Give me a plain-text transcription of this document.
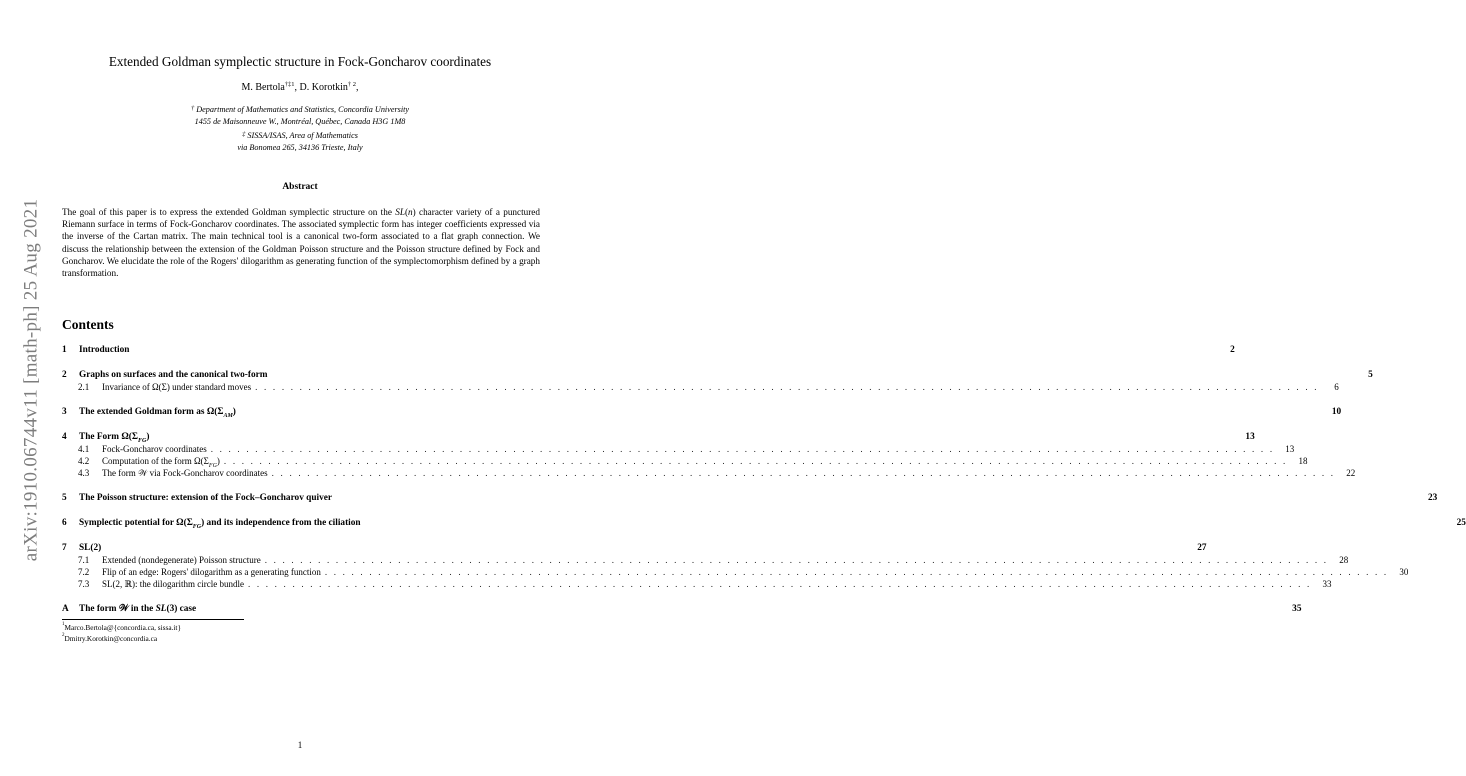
arXiv:1910.06744v11 [math-ph] 25 Aug 2021
Extended Goldman symplectic structure in Fock-Goncharov coordinates
M. Bertola$^{\dagger\ddagger 1}$, D. Korotkin$^{\dagger 2}$,
† Department of Mathematics and Statistics, Concordia University
1455 de Maisonneuve W., Montréal, Québec, Canada H3G 1M8
‡ SISSA/ISAS, Area of Mathematics
via Bonomea 265, 34136 Trieste, Italy
Abstract

The goal of this paper is to express the extended Goldman symplectic structure on the SL(n) character variety of a punctured Riemann surface in terms of Fock-Goncharov coordinates. The associated symplectic form has integer coefficients expressed via the inverse of the Cartan matrix. The main technical tool is a canonical two-form associated to a flat graph connection. We discuss the relationship between the extension of the Goldman Poisson structure and the Poisson structure defined by Fock and Goncharov. We elucidate the role of the Rogers' dilogarithm as generating function of the symplectomorphism defined by a graph transformation.

Contents
1	Introduction	2
2	Graphs on surfaces and the canonical two-form	5
2.1	Invariance of Ω(Σ) under standard moves . . . . . . . . . . . . . . . . . . . . . . . . . . . . . . . . . . . . . . . . . . . . . . . . . . . . . . . . . . . . . . . . . . . . . . . . . . . . . . . . . . . . . . . . . . . . . . . . . . . . . . . . . . . . . . . . . . . . . . . .	6
3	The extended Goldman form as $\Omega(\Sigma_{AM})$	10
4	The Form $\Omega(\Sigma_{FG})$	13
4.1	Fock-Goncharov coordinates . . . . . . . . . . . . . . . . . . . . . . . . . . . . . . . . . . . . . . . . . . . . . . . . . . . . . . . . . . . . . . . . . . . . . . . . . . . . . . . . . . . . . . . . . . . . . . . . . . . . . . . . . . . . . . . . . . . . . . . .	13
4.2	Computation of the form $\Omega(\Sigma_{FG})$ . . . . . . . . . . . . . . . . . . . . . . . . . . . . . . . . . . . . . . . . . . . . . . . . . . . . . . . . . . . . . . . . . . . . . . . . . . . . . . . . . . . . . . . . . . . . . . . . . . . . . . . . . . . . . . . . . . . . . . . .	18
4.3	The form 𝒲 via Fock-Goncharov coordinates . . . . . . . . . . . . . . . . . . . . . . . . . . . . . . . . . . . . . . . . . . . . . . . . . . . . . . . . . . . . . . . . . . . . . . . . . . . . . . . . . . . . . . . . . . . . . . . . . . . . . . . . . . . . . . . . . . . . . . . .	22
5	The Poisson structure: extension of the Fock–Goncharov quiver	23
6	Symplectic potential for $\Omega(\Sigma_{FG})$ and its independence from the ciliation	25
7	SL(2)	27
7.1	Extended (nondegenerate) Poisson structure . . . . . . . . . . . . . . . . . . . . . . . . . . . . . . . . . . . . . . . . . . . . . . . . . . . . . . . . . . . . . . . . . . . . . . . . . . . . . . . . . . . . . . . . . . . . . . . . . . . . . . . . . . . . . . . . . . . . . . . .	28
7.2	Flip of an edge: Rogers' dilogarithm as a generating function . . . . . . . . . . . . . . . . . . . . . . . . . . . . . . . . . . . . . . . . . . . . . . . . . . . . . . . . . . . . . . . . . . . . . . . . . . . . . . . . . . . . . . . . . . . . . . . . . . . . . . . . . . . . . . . . . . . . . . . .	30
7.3	SL(2, ℝ): the dilogarithm circle bundle . . . . . . . . . . . . . . . . . . . . . . . . . . . . . . . . . . . . . . . . . . . . . . . . . . . . . . . . . . . . . . . . . . . . . . . . . . . . . . . . . . . . . . . . . . . . . . . . . . . . . . . . . . . . . . . . . . . . . . . .	33
A	The form 𝒲 in the SL(3) case	35
$^1$Marco.Bertola@{concordia.ca, sissa.it}
$^2$Dmitry.Korotkin@concordia.ca
1
